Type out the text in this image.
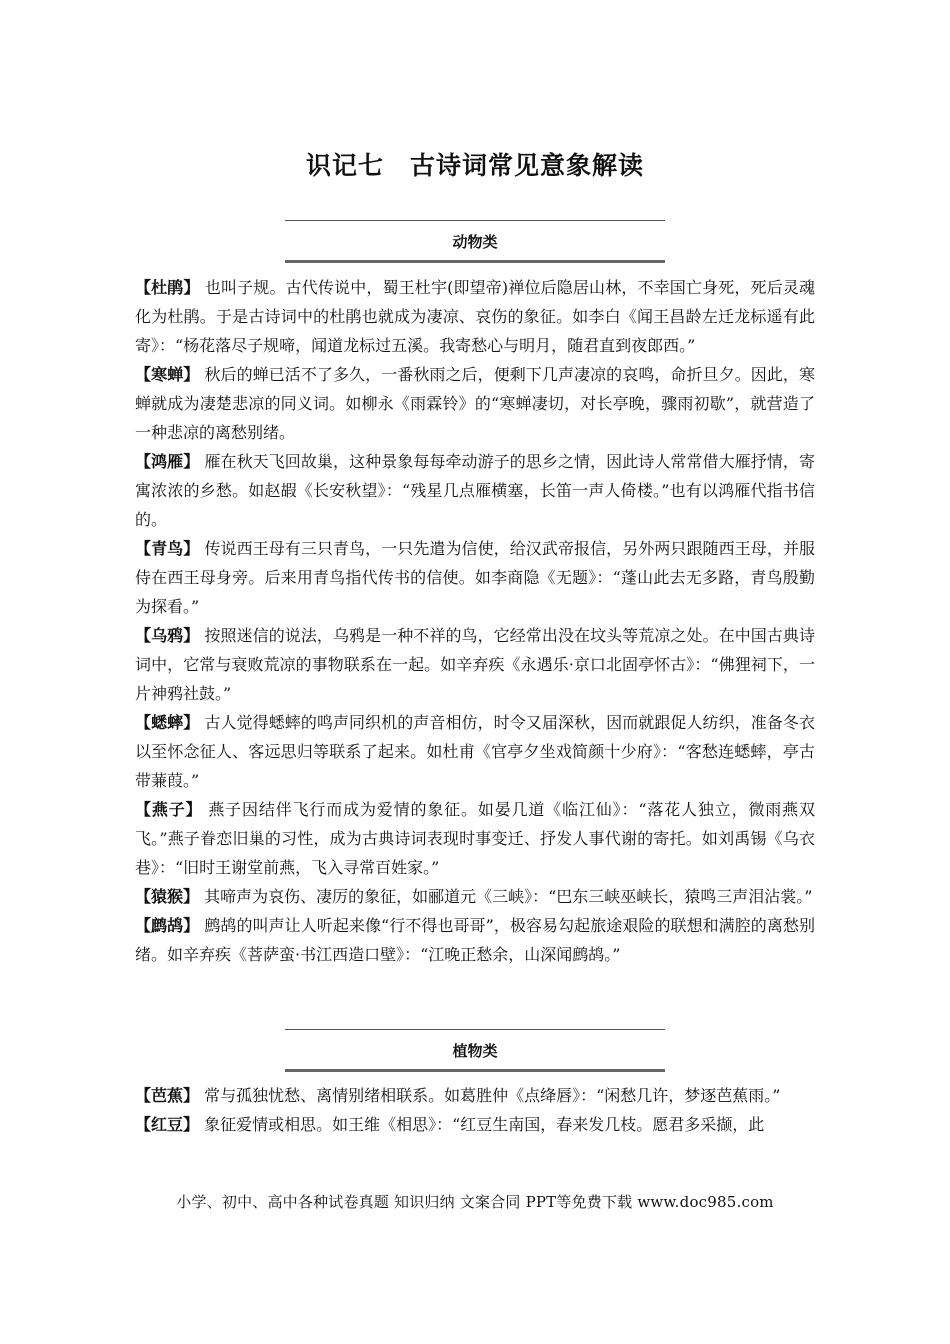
识记七　古诗词常见意象解读
动物类

【杜鹃】 也叫子规。古代传说中，蜀王杜宇(即望帝)禅位后隐居山林，不幸国亡身死，死后灵魂化为杜鹃。于是古诗词中的杜鹃也就成为凄凉、哀伤的象征。如李白《闻王昌龄左迁龙标遥有此寄》：“杨花落尽子规啼，闻道龙标过五溪。我寄愁心与明月，随君直到夜郎西。”

【寒蝉】 秋后的蝉已活不了多久，一番秋雨之后，便剩下几声凄凉的哀鸣，命折旦夕。因此，寒蝉就成为凄楚悲凉的同义词。如柳永《雨霖铃》的“寒蝉凄切，对长亭晚，骤雨初歇”，就营造了一种悲凉的离愁别绪。

【鸿雁】 雁在秋天飞回故巢，这种景象每每牵动游子的思乡之情，因此诗人常常借大雁抒情，寄寓浓浓的乡愁。如赵嘏《长安秋望》：“残星几点雁横塞，长笛一声人倚楼。”也有以鸿雁代指书信的。

【青鸟】 传说西王母有三只青鸟，一只先遣为信使，给汉武帝报信，另外两只跟随西王母，并服侍在西王母身旁。后来用青鸟指代传书的信使。如李商隐《无题》：“蓬山此去无多路，青鸟殷勤为探看。”

【乌鸦】 按照迷信的说法，乌鸦是一种不祥的鸟，它经常出没在坟头等荒凉之处。在中国古典诗词中，它常与衰败荒凉的事物联系在一起。如辛弃疾《永遇乐·京口北固亭怀古》：“佛狸祠下，一片神鸦社鼓。”

【蟋蟀】 古人觉得蟋蟀的鸣声同织机的声音相仿，时令又届深秋，因而就跟促人纺织，准备冬衣以至怀念征人、客远思归等联系了起来。如杜甫《官亭夕坐戏简颜十少府》：“客愁连蟋蟀，亭古带蒹葭。”

【燕子】 燕子因结伴飞行而成为爱情的象征。如晏几道《临江仙》：“落花人独立，微雨燕双飞。”燕子眷恋旧巢的习性，成为古典诗词表现时事变迁、抒发人事代谢的寄托。如刘禹锡《乌衣巷》：“旧时王谢堂前燕，飞入寻常百姓家。”

【猿猴】 其啼声为哀伤、凄厉的象征，如郦道元《三峡》：“巴东三峡巫峡长，猿鸣三声泪沾裳。”

【鹧鸪】 鹧鸪的叫声让人听起来像“行不得也哥哥”，极容易勾起旅途艰险的联想和满腔的离愁别绪。如辛弃疾《菩萨蛮·书江西造口壁》：“江晚正愁余，山深闻鹧鸪。”

植物类

【芭蕉】 常与孤独忧愁、离情别绪相联系。如葛胜仲《点绛唇》：“闲愁几许，梦逐芭蕉雨。”

【红豆】 象征爱情或相思。如王维《相思》：“红豆生南国，春来发几枝。愿君多采撷，此

小学、初中、高中各种试卷真题 知识归纳 文案合同 PPT等免费下载 www.doc985.com
